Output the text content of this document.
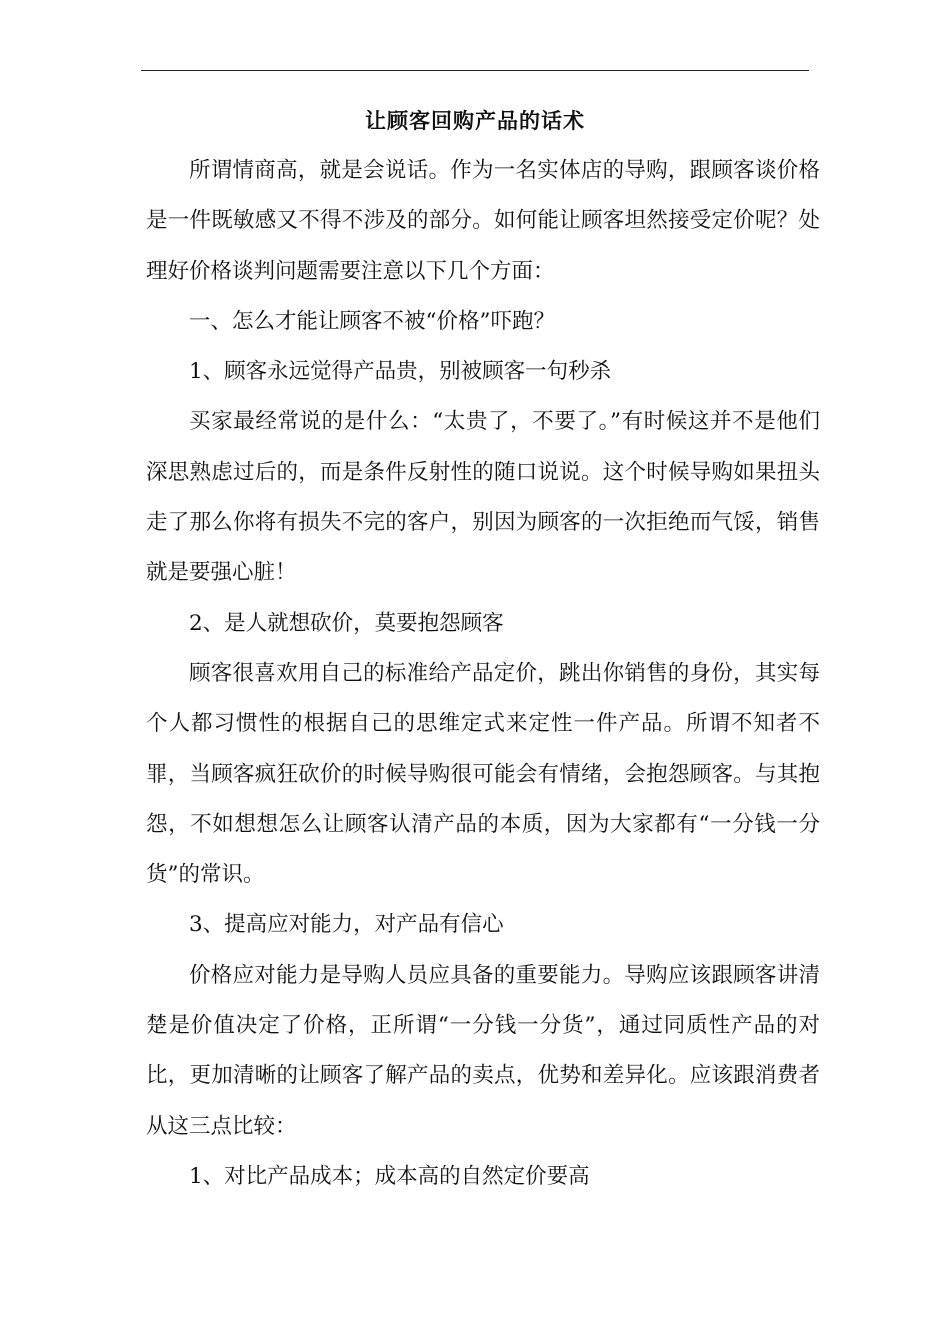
让顾客回购产品的话术

所谓情商高，就是会说话。作为一名实体店的导购，跟顾客谈价格是一件既敏感又不得不涉及的部分。如何能让顾客坦然接受定价呢？处理好价格谈判问题需要注意以下几个方面：

一、怎么才能让顾客不被“价格”吓跑？

1、顾客永远觉得产品贵，别被顾客一句秒杀

买家最经常说的是什么：“太贵了，不要了。”有时候这并不是他们深思熟虑过后的，而是条件反射性的随口说说。这个时候导购如果扭头走了那么你将有损失不完的客户，别因为顾客的一次拒绝而气馁，销售就是要强心脏！

2、是人就想砍价，莫要抱怨顾客

顾客很喜欢用自己的标准给产品定价，跳出你销售的身份，其实每个人都习惯性的根据自己的思维定式来定性一件产品。所谓不知者不罪，当顾客疯狂砍价的时候导购很可能会有情绪，会抱怨顾客。与其抱怨，不如想想怎么让顾客认清产品的本质，因为大家都有“一分钱一分货”的常识。

3、提高应对能力，对产品有信心

价格应对能力是导购人员应具备的重要能力。导购应该跟顾客讲清楚是价值决定了价格，正所谓“一分钱一分货”，通过同质性产品的对比，更加清晰的让顾客了解产品的卖点，优势和差异化。应该跟消费者从这三点比较：

1、对比产品成本；成本高的自然定价要高
